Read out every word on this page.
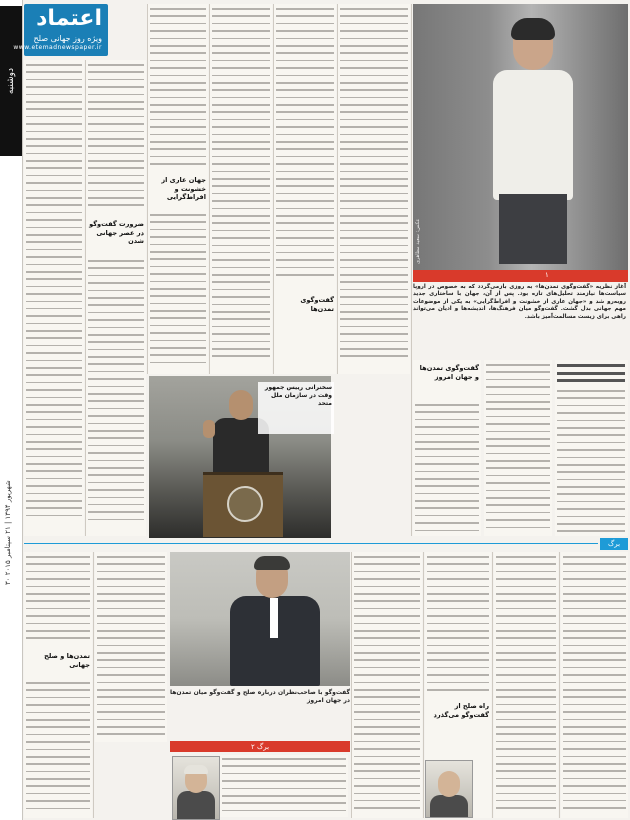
دوشنبه
۳۰ شهریور ۱۳۹۴ | ۲۱ سپتامبر ۲۰۱۵
اعتماد
ویژه روز جهانی صلح
www.etemadnewspaper.ir
ضرورت گفت‌وگو در عصر جهانی شدن
جهان عاری از خشونت و افراط‌گرایی
گفت‌وگوی تمدن‌ها
عکس: سعید مظاهری
۱
آغاز نظریه «گفت‌وگوی تمدن‌ها» به روزی بازمی‌گردد که به خصوص در اروپا سیاست‌ها نیازمند تحلیل‌های تازه بود. پس از آن، جهان با ساختاری جدید روبه‌رو شد و «جهان عاری از خشونت و افراط‌گرایی» به یکی از موضوعات مهم جهانی بدل گشت. گفت‌وگو میان فرهنگ‌ها، اندیشه‌ها و ادیان می‌تواند راهی برای زیست مسالمت‌آمیز باشد.
گفت‌وگوی تمدن‌ها و جهان امروز
سخنرانی رییس جمهور وقت در سازمان ملل متحد
برگ
تمدن‌ها و صلح جهانی
گفت‌وگو با صاحب‌نظران درباره صلح و گفت‌وگو میان تمدن‌ها در جهان امروز
راه صلح از گفت‌وگو می‌گذرد
برگ ۲
